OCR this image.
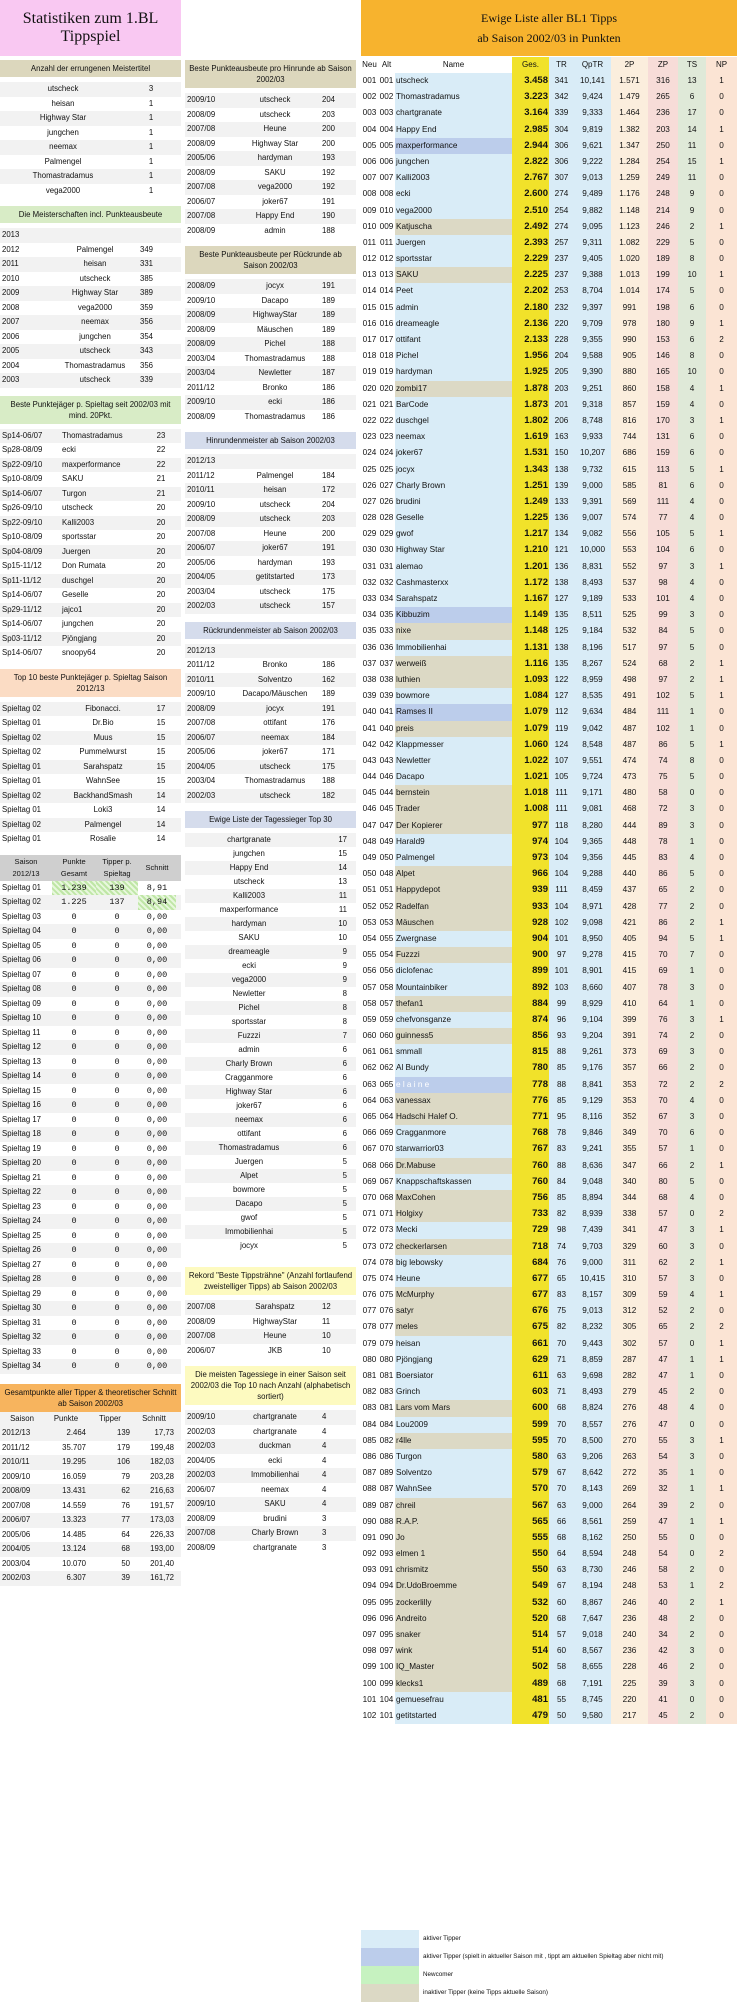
Statistiken zum 1.BL Tippspiel
Ewige Liste aller BL1 Tipps
ab Saison 2002/03 in Punkten
Anzahl der errungenen Meistertitel
utscheck	3
heisan	1
Highway Star	1
jungchen	1
neemax	1
Palmengel	1
Thomastradamus	1
vega2000	1
Die Meisterschaften incl. Punkteausbeute
2013
2012	Palmengel	349
2011	heisan	331
2010	utscheck	385
2009	Highway Star	389
2008	vega2000	359
2007	neemax	356
2006	jungchen	354
2005	utscheck	343
2004	Thomastradamus	356
2003	utscheck	339
Beste Punktejäger p. Spieltag seit 2002/03 mit mind. 20Pkt.
Sp14-06/07	Thomastradamus	23
Sp28-08/09	ecki	22
Sp22-09/10	maxperformance	22
Sp10-08/09	SAKU	21
Sp14-06/07	Turgon	21
Sp26-09/10	utscheck	20
Sp22-09/10	Kalli2003	20
Sp10-08/09	sportsstar	20
Sp04-08/09	Juergen	20
Sp15-11/12	Don Rumata	20
Sp11-11/12	duschgel	20
Sp14-06/07	Geselle	20
Sp29-11/12	jajco1	20
Sp14-06/07	jungchen	20
Sp03-11/12	Pjöngjang	20
Sp14-06/07	snoopy64	20
Top 10 beste Punktejäger p. Spieltag Saison 2012/13
Spieltag 02	Fibonacci.	17
Spieltag 01	Dr.Bio	15
Spieltag 02	Muus	15
Spieltag 02	Pummelwurst	15
Spieltag 01	Sarahspatz	15
Spieltag 01	WahnSee	15
Spieltag 02	BackhandSmash	14
Spieltag 01	Loki3	14
Spieltag 02	Palmengel	14
Spieltag 01	Rosalie	14
Saison 2012/13
Punkte Gesamt
Tipper p. Spieltag
Schnitt
Spieltag 01	1.239	139	8,91
Spieltag 02	1.225	137	8,94
Spieltag 03	0	0	0,00
Spieltag 04	0	0	0,00
Spieltag 05	0	0	0,00
Spieltag 06	0	0	0,00
Spieltag 07	0	0	0,00
Spieltag 08	0	0	0,00
Spieltag 09	0	0	0,00
Spieltag 10	0	0	0,00
Spieltag 11	0	0	0,00
Spieltag 12	0	0	0,00
Spieltag 13	0	0	0,00
Spieltag 14	0	0	0,00
Spieltag 15	0	0	0,00
Spieltag 16	0	0	0,00
Spieltag 17	0	0	0,00
Spieltag 18	0	0	0,00
Spieltag 19	0	0	0,00
Spieltag 20	0	0	0,00
Spieltag 21	0	0	0,00
Spieltag 22	0	0	0,00
Spieltag 23	0	0	0,00
Spieltag 24	0	0	0,00
Spieltag 25	0	0	0,00
Spieltag 26	0	0	0,00
Spieltag 27	0	0	0,00
Spieltag 28	0	0	0,00
Spieltag 29	0	0	0,00
Spieltag 30	0	0	0,00
Spieltag 31	0	0	0,00
Spieltag 32	0	0	0,00
Spieltag 33	0	0	0,00
Spieltag 34	0	0	0,00
Gesamtpunkte aller Tipper & theoretischer Schnitt ab Saison 2002/03
Saison	Punkte	Tipper	Schnitt
2012/13	2.464	139	17,73
2011/12	35.707	179	199,48
2010/11	19.295	106	182,03
2009/10	16.059	79	203,28
2008/09	13.431	62	216,63
2007/08	14.559	76	191,57
2006/07	13.323	77	173,03
2005/06	14.485	64	226,33
2004/05	13.124	68	193,00
2003/04	10.070	50	201,40
2002/03	6.307	39	161,72
Beste Punkteausbeute pro Hinrunde ab Saison 2002/03
2009/10	utscheck	204
2008/09	utscheck	203
2007/08	Heune	200
2008/09	Highway Star	200
2005/06	hardyman	193
2008/09	SAKU	192
2007/08	vega2000	192
2006/07	joker67	191
2007/08	Happy End	190
2008/09	admin	188
Beste Punkteausbeute per Rückrunde ab Saison 2002/03
2008/09	jocyx	191
2009/10	Dacapo	189
2008/09	HighwayStar	189
2008/09	Mäuschen	189
2008/09	Pichel	188
2003/04	Thomastradamus	188
2003/04	Newletter	187
2011/12	Bronko	186
2009/10	ecki	186
2008/09	Thomastradamus	186
Hinrundenmeister ab Saison 2002/03
2012/13
2011/12	Palmengel	184
2010/11	heisan	172
2009/10	utscheck	204
2008/09	utscheck	203
2007/08	Heune	200
2006/07	joker67	191
2005/06	hardyman	193
2004/05	getitstarted	173
2003/04	utscheck	175
2002/03	utscheck	157
Rückrundenmeister ab Saison 2002/03
2012/13
2011/12	Bronko	186
2010/11	Solventzo	162
2009/10	Dacapo/Mäuschen	189
2008/09	jocyx	191
2007/08	ottifant	176
2006/07	neemax	184
2005/06	joker67	171
2004/05	utscheck	175
2003/04	Thomastradamus	188
2002/03	utscheck	182
Ewige Liste der Tagessieger Top 30
chartgranate	17
jungchen	15
Happy End	14
utscheck	13
Kalli2003	11
maxperformance	11
hardyman	10
SAKU	10
dreameagle	9
ecki	9
vega2000	9
Newletter	8
Pichel	8
sportsstar	8
Fuzzzi	7
admin	6
Charly Brown	6
Cragganmore	6
Highway Star	6
joker67	6
neemax	6
ottifant	6
Thomastradamus	6
Juergen	5
Alpet	5
bowmore	5
Dacapo	5
gwof	5
Immobilienhai	5
jocyx	5
Rekord "Beste Tippsträhne" (Anzahl fortlaufend zweistelliger Tipps) ab Saison 2002/03
2007/08	Sarahspatz	12
2008/09	HighwayStar	11
2007/08	Heune	10
2006/07	JKB	10
Die meisten Tagessiege in einer Saison seit 2002/03 die Top 10 nach Anzahl (alphabetisch sortiert)
2009/10	chartgranate	4
2002/03	chartgranate	4
2002/03	duckman	4
2004/05	ecki	4
2002/03	Immobilienhai	4
2006/07	neemax	4
2009/10	SAKU	4
2008/09	brudini	3
2007/08	Charly Brown	3
2008/09	chartgranate	3
Neu Alt	Name	Ges.	TR	QpTR	2P	ZP	TS	NP
001 001 utscheck	3.458 341	10,141	1.571	316	13	1
002 002 Thomastradamus	3.223 342	9,424	1.479	265	6	0
003 003 chartgranate	3.164 339	9,333	1.464	236	17	0
004 004 Happy End	2.985 304	9,819	1.382	203	14	1
005 005 maxperformance	2.944 306	9,621	1.347	250	11	0
006 006 jungchen	2.822 306	9,222	1.284	254	15	1
007 007 Kalli2003	2.767 307	9,013	1.259	249	11	0
008 008 ecki	2.600 274	9,489	1.176	248	9	0
009 010 vega2000	2.510 254	9,882	1.148	214	9	0
010 009 Katjuscha	2.492 274	9,095	1.123	246	2	1
011 011 Juergen	2.393 257	9,311	1.082	229	5	0
012 012 sportsstar	2.229 237	9,405	1.020	189	8	0
013 013 SAKU	2.225 237	9,388	1.013	199	10	1
014 014 Peet	2.202 253	8,704	1.014	174	5	0
015 015 admin	2.180 232	9,397	991	198	6	0
016 016 dreameagle	2.136 220	9,709	978	180	9	1
017 017 ottifant	2.133 228	9,355	990	153	6	2
018 018 Pichel	1.956 204	9,588	905	146	8	0
019 019 hardyman	1.925 205	9,390	880	165	10	0
020 020 zombi17	1.878 203	9,251	860	158	4	1
021 021 BarCode	1.873 201	9,318	857	159	4	0
022 022 duschgel	1.802 206	8,748	816	170	3	1
023 023 neemax	1.619 163	9,933	744	131	6	0
024 024 joker67	1.531 150	10,207	686	159	6	0
025 025 jocyx	1.343 138	9,732	615	113	5	1
026 027 Charly Brown	1.251 139	9,000	585	81	6	0
027 026 brudini	1.249 133	9,391	569	111	4	0
028 028 Geselle	1.225 136	9,007	574	77	4	0
029 029 gwof	1.217 134	9,082	556	105	5	1
030 030 Highway Star	1.210 121	10,000	553	104	6	0
031 031 alemao	1.201 136	8,831	552	97	3	1
032 032 Cashmasterxx	1.172 138	8,493	537	98	4	0
033 034 Sarahspatz	1.167 127	9,189	533	101	4	0
034 035 Kibbuzim	1.149 135	8,511	525	99	3	0
035 033 nixe	1.148 125	9,184	532	84	5	0
036 036 Immobilienhai	1.131 138	8,196	517	97	5	0
037 037 werweiß	1.116 135	8,267	524	68	2	1
038 038 luthien	1.093 122	8,959	498	97	2	1
039 039 bowmore	1.084 127	8,535	491	102	5	1
040 041 Ramses II	1.079 112	9,634	484	111	1	0
041 040 preis	1.079 119	9,042	487	102	1	0
042 042 Klappmesser	1.060 124	8,548	487	86	5	1
043 043 Newletter	1.022 107	9,551	474	74	8	0
044 046 Dacapo	1.021 105	9,724	473	75	5	0
045 044 bernstein	1.018 111	9,171	480	58	0	0
046 045 Trader	1.008 111	9,081	468	72	3	0
047 047 Der Kopierer	977 118	8,280	444	89	3	0
048 049 Harald9	974 104	9,365	448	78	1	0
049 050 Palmengel	973 104	9,356	445	83	4	0
050 048 Alpet	966 104	9,288	440	86	5	0
051 051 Happydepot	939 111	8,459	437	65	2	0
052 052 Radelfan	933 104	8,971	428	77	2	0
053 053 Mäuschen	928 102	9,098	421	86	2	1
054 055 Zwergnase	904 101	8,950	405	94	5	1
055 054 Fuzzzi	900	97	9,278	415	70	7	0
056 056 diclofenac	899 101	8,901	415	69	1	0
057 058 Mountainbiker	892 103	8,660	407	78	3	0
058 057 thefan1	884	99	8,929	410	64	1	0
059 059 chefvonsganze	874	96	9,104	399	76	3	1
060 060 guinness5	856	93	9,204	391	74	2	0
061 061 smmall	815	88	9,261	373	69	3	0
062 062 Al Bundy	780	85	9,176	357	66	2	0
063 065 e l a i n e	778	88	8,841	353	72	2	2
064 063 vanessax	776	85	9,129	353	70	4	0
065 064 Hadschi Halef O.	771	95	8,116	352	67	3	0
066 069 Cragganmore	768	78	9,846	349	70	6	0
067 070 starwarrior03	767	83	9,241	355	57	1	0
068 066 Dr.Mabuse	760	88	8,636	347	66	2	1
069 067 Knappschaftskassen	760	84	9,048	340	80	5	0
070 068 MaxCohen	756	85	8,894	344	68	4	0
071 071 Holgixy	733	82	8,939	338	57	0	2
072 073 Mecki	729	98	7,439	341	47	3	1
073 072 checkerlarsen	718	74	9,703	329	60	3	0
074 078 big lebowsky	684	76	9,000	311	62	2	1
075 074 Heune	677	65	10,415	310	57	3	0
076 075 McMurphy	677	83	8,157	309	59	4	1
077 076 satyr	676	75	9,013	312	52	2	0
078 077 meles	675	82	8,232	305	65	2	2
079 079 heisan	661	70	9,443	302	57	0	1
080 080 Pjöngjang	629	71	8,859	287	47	1	1
081 081 Boersiator	611	63	9,698	282	47	1	0
082 083 Grinch	603	71	8,493	279	45	2	0
083 081 Lars vom Mars	600	68	8,824	276	48	4	0
084 084 Lou2009	599	70	8,557	276	47	0	0
085 082 r4lle	595	70	8,500	270	55	3	1
086 086 Turgon	580	63	9,206	263	54	3	0
087 089 Solventzo	579	67	8,642	272	35	1	0
088 087 WahnSee	570	70	8,143	269	32	1	1
089 087 chreil	567	63	9,000	264	39	2	0
090 088 R.A.P.	565	66	8,561	259	47	1	1
091 090 Jo	555	68	8,162	250	55	0	0
092 093 elmen 1	550	64	8,594	248	54	0	2
093 091 chrismitz	550	63	8,730	246	58	2	0
094 094 Dr.UdoBroemme	549	67	8,194	248	53	1	2
095 095 zockerlilly	532	60	8,867	246	40	2	1
096 096 Andreito	520	68	7,647	236	48	2	0
097 095 snaker	514	57	9,018	240	34	2	0
098 097 wink	514	60	8,567	236	42	3	0
099 100 IQ_Master	502	58	8,655	228	46	2	0
100 099 klecks1	489	68	7,191	225	39	3	0
101 104 gemuesefrau	481	55	8,745	220	41	0	0
102 101 getitstarted	479	50	9,580	217	45	2	0
aktiver Tipper
aktiver Tipper (spielt in aktueller Saison mit , tippt am aktuellen Spieltag aber nicht mit)
Newcomer
inaktiver Tipper (keine Tipps aktuelle Saison)
